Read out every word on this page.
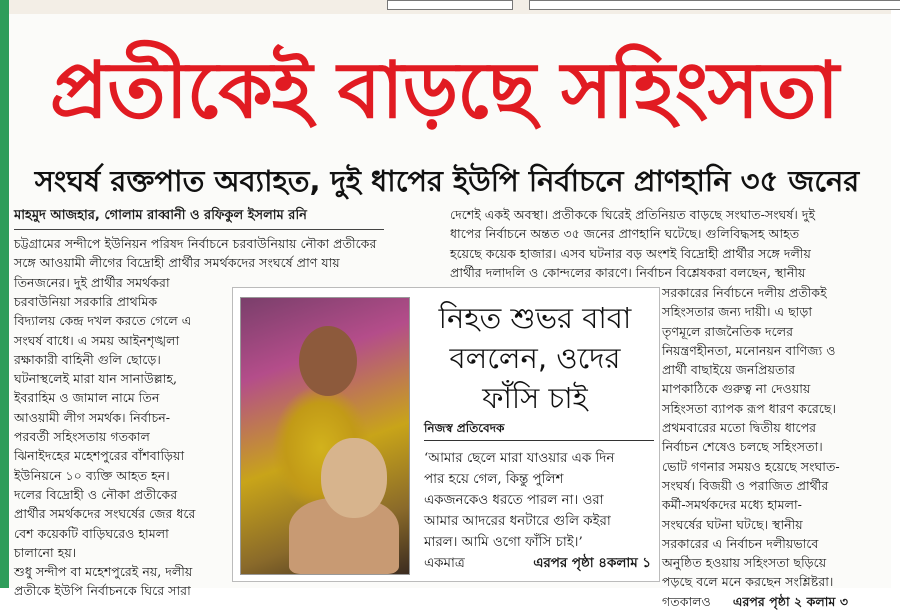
প্রতীকেই বাড়ছে সহিংসতা
সংঘর্ষ রক্তপাত অব্যাহত, দুই ধাপের ইউপি নির্বাচনে প্রাণহানি ৩৫ জনের
মাহমুদ আজহার, গোলাম রাব্বানী ও রফিকুল ইসলাম রনি

চট্টগ্রামের সন্দীপে ইউনিয়ন পরিষদ নির্বাচনে চরবাউনিয়ায় নৌকা প্রতীকের

সঙ্গে আওয়ামী লীগের বিদ্রোহী প্রার্থীর সমর্থকদের সংঘর্ষে প্রাণ যায়

তিনজনের। দুই প্রার্থীর সমর্থকরা

চরবাউনিয়া সরকারি প্রাথমিক

বিদ্যালয় কেন্দ্র দখল করতে গেলে এ

সংঘর্ষ বাধে। এ সময় আইনশৃঙ্খলা

রক্ষাকারী বাহিনী গুলি ছোড়ে।

ঘটনাস্থলেই মারা যান সানাউল্লাহ,

ইবরাহিম ও জামাল নামে তিন

আওয়ামী লীগ সমর্থক। নির্বাচন-

পরবর্তী সহিংসতায় গতকাল

ঝিনাইদহের মহেশপুরের বাঁশবাড়িয়া

ইউনিয়নে ১০ ব্যক্তি আহত হন।

দলের বিদ্রোহী ও নৌকা প্রতীকের

প্রার্থীর সমর্থকদের সংঘর্ষের জের ধরে

বেশ কয়েকটি বাড়িঘরেও হামলা

চালানো হয়।

শুধু সন্দীপ বা মহেশপুরেই নয়, দলীয়

প্রতীকে ইউপি নির্বাচনকে ঘিরে সারা

দেশেই একই অবস্থা। প্রতীককে ঘিরেই প্রতিনিয়ত বাড়ছে সংঘাত-সংঘর্ষ। দুই

ধাপের নির্বাচনে অন্তত ৩৫ জনের প্রাণহানি ঘটেছে। গুলিবিদ্ধসহ আহত

হয়েছে কয়েক হাজার। এসব ঘটনার বড় অংশই বিদ্রোহী প্রার্থীর সঙ্গে দলীয়

প্রার্থীর দলাদলি ও কোন্দলের কারণে। নির্বাচন বিশ্লেষকরা বলছেন, স্থানীয়

নিহত শুভর বাবা
বললেন, ওদের
ফাঁসি চাই
নিজস্ব প্রতিবেদক

‘আমার ছেলে মারা যাওয়ার এক দিন

পার হয়ে গেল, কিন্তু পুলিশ

একজনকেও ধরতে পারল না। ওরা

আমার আদরের ধনটারে গুলি কইরা

মারল। আমি ওগো ফাঁসি চাই।’

একমাত্র	এরপর পৃষ্ঠা ৪কলাম ১

সরকারের নির্বাচনে দলীয় প্রতীকই

সহিংসতার জন্য দায়ী। এ ছাড়া

তৃণমূলে রাজনৈতিক দলের

নিয়ন্ত্রণহীনতা, মনোনয়ন বাণিজ্য ও

প্রার্থী বাছাইয়ে জনপ্রিয়তার

মাপকাঠিকে গুরুত্ব না দেওয়ায়

সহিংসতা ব্যাপক রূপ ধারণ করেছে।

প্রথমবারের মতো দ্বিতীয় ধাপের

নির্বাচন শেষেও চলছে সহিংসতা।

ভোট গণনার সময়ও হয়েছে সংঘাত-

সংঘর্ষ। বিজয়ী ও পরাজিত প্রার্থীর

কর্মী-সমর্থকদের মধ্যে হামলা-

সংঘর্ষের ঘটনা ঘটছে। স্থানীয়

সরকারের এ নির্বাচন দলীয়ভাবে

অনুষ্ঠিত হওয়ায় সহিংসতা ছড়িয়ে

পড়ছে বলে মনে করছেন সংশ্লিষ্টরা।

গতকালও এরপর পৃষ্ঠা ২ কলাম ৩
